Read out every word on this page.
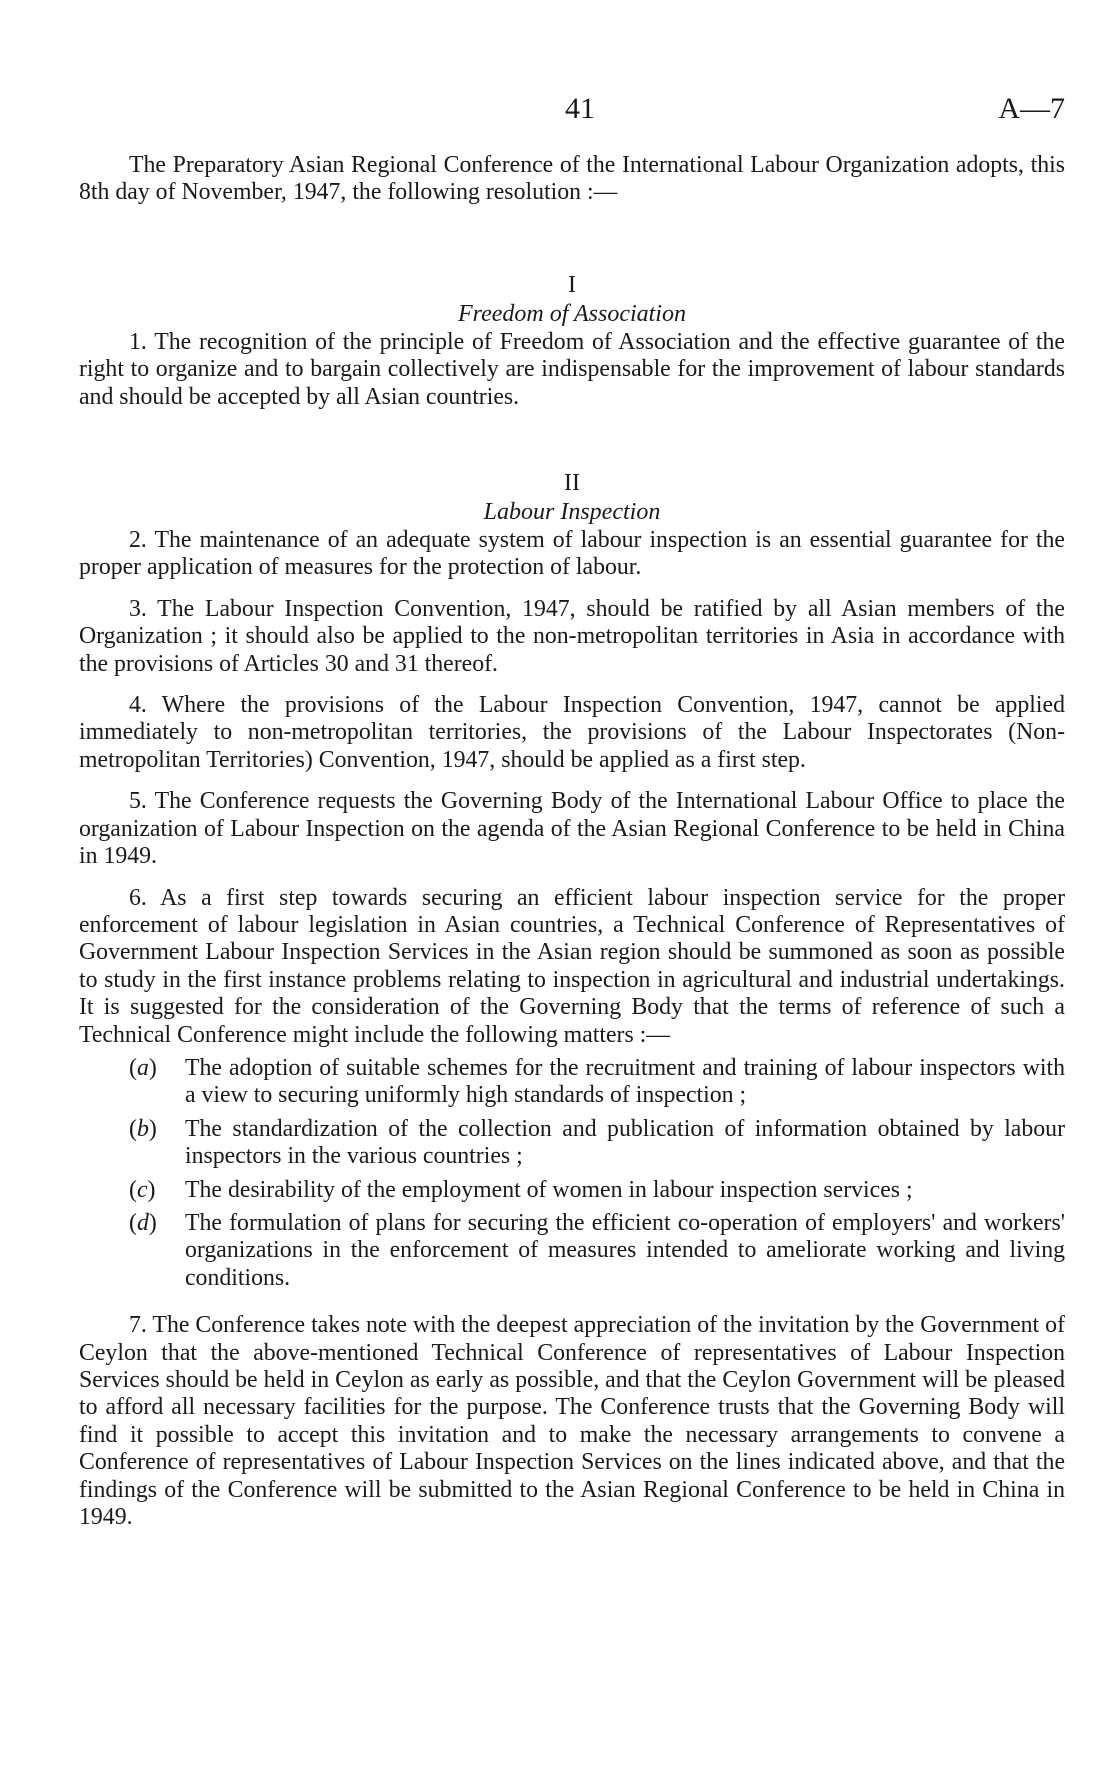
41	A—7

The Preparatory Asian Regional Conference of the International Labour Organization adopts, this 8th day of November, 1947, the following resolution :—

I
Freedom of Association

1. The recognition of the principle of Freedom of Association and the effective guarantee of the right to organize and to bargain collectively are indispensable for the improvement of labour standards and should be accepted by all Asian countries.

II
Labour Inspection

2. The maintenance of an adequate system of labour inspection is an essential guarantee for the proper application of measures for the protection of labour.

3. The Labour Inspection Convention, 1947, should be ratified by all Asian members of the Organization ; it should also be applied to the non-metropolitan territories in Asia in accordance with the provisions of Articles 30 and 31 thereof.

4. Where the provisions of the Labour Inspection Convention, 1947, cannot be applied immediately to non-metropolitan territories, the provisions of the Labour Inspectorates (Non-metropolitan Territories) Convention, 1947, should be applied as a first step.

5. The Conference requests the Governing Body of the International Labour Office to place the organization of Labour Inspection on the agenda of the Asian Regional Conference to be held in China in 1949.

6. As a first step towards securing an efficient labour inspection service for the proper enforcement of labour legislation in Asian countries, a Technical Conference of Representatives of Government Labour Inspection Services in the Asian region should be summoned as soon as possible to study in the first instance problems relating to inspection in agricultural and industrial undertakings. It is suggested for the consideration of the Governing Body that the terms of reference of such a Technical Conference might include the following matters :—

(a)	The adoption of suitable schemes for the recruitment and training of labour inspectors with a view to securing uniformly high standards of inspection ;
(b)	The standardization of the collection and publication of information obtained by labour inspectors in the various countries ;
(c)	The desirability of the employment of women in labour inspection services ;
(d)	The formulation of plans for securing the efficient co-operation of employers' and workers' organizations in the enforcement of measures intended to ameliorate working and living conditions.

7. The Conference takes note with the deepest appreciation of the invitation by the Government of Ceylon that the above-mentioned Technical Conference of representatives of Labour Inspection Services should be held in Ceylon as early as possible, and that the Ceylon Government will be pleased to afford all necessary facilities for the purpose. The Conference trusts that the Governing Body will find it possible to accept this invitation and to make the necessary arrangements to convene a Conference of representatives of Labour Inspection Services on the lines indicated above, and that the findings of the Conference will be submitted to the Asian Regional Conference to be held in China in 1949.
